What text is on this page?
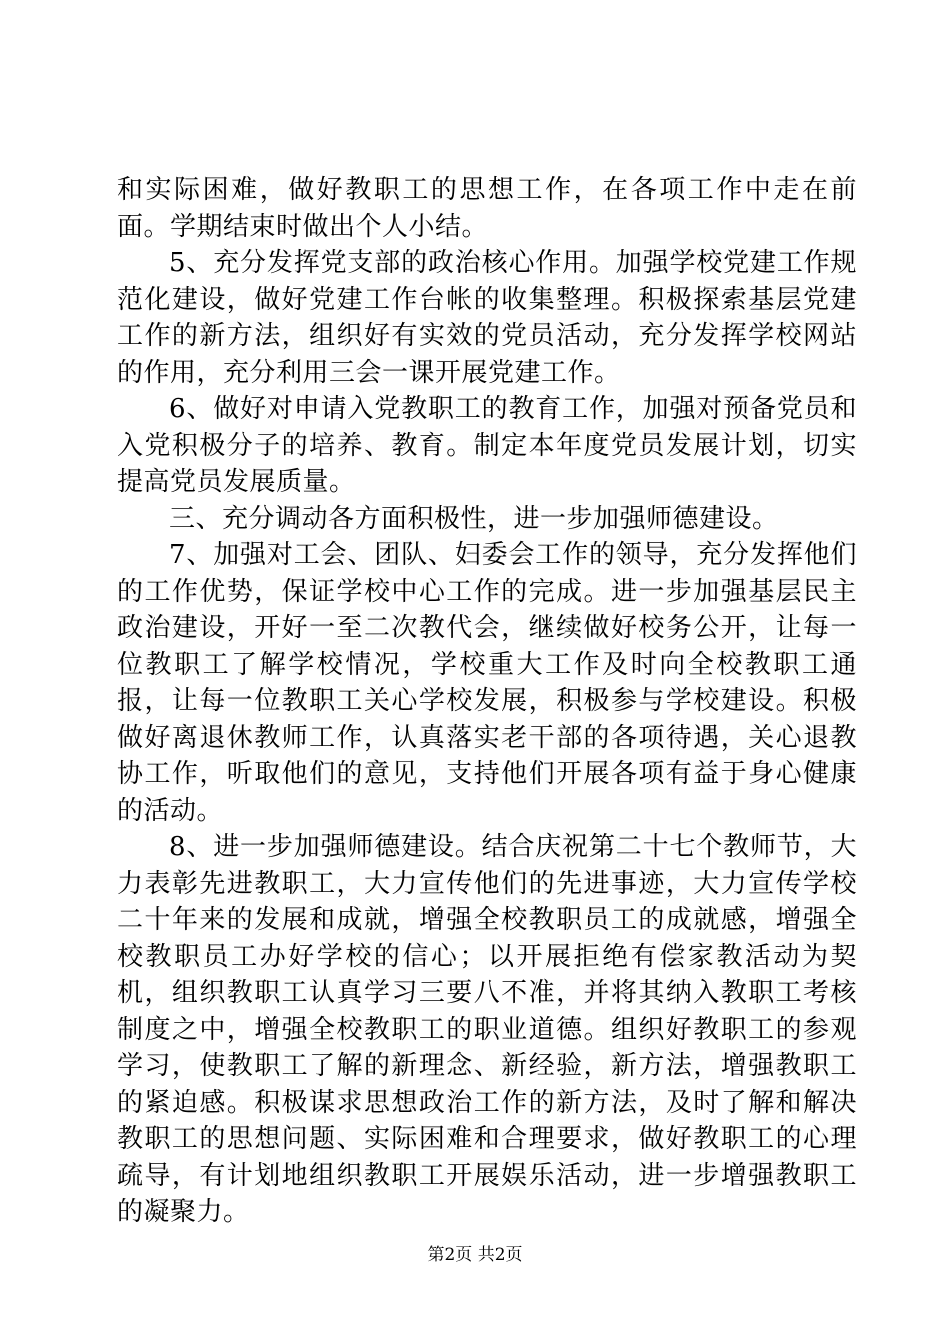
和实际困难，做好教职工的思想工作，在各项工作中走在前面。学期结束时做出个人小结。

5、充分发挥党支部的政治核心作用。加强学校党建工作规范化建设，做好党建工作台帐的收集整理。积极探索基层党建工作的新方法，组织好有实效的党员活动，充分发挥学校网站的作用，充分利用三会一课开展党建工作。

6、做好对申请入党教职工的教育工作，加强对预备党员和入党积极分子的培养、教育。制定本年度党员发展计划，切实提高党员发展质量。

三、充分调动各方面积极性，进一步加强师德建设。

7、加强对工会、团队、妇委会工作的领导，充分发挥他们的工作优势，保证学校中心工作的完成。进一步加强基层民主政治建设，开好一至二次教代会，继续做好校务公开，让每一位教职工了解学校情况，学校重大工作及时向全校教职工通报，让每一位教职工关心学校发展，积极参与学校建设。积极做好离退休教师工作，认真落实老干部的各项待遇，关心退教协工作，听取他们的意见，支持他们开展各项有益于身心健康的活动。

8、进一步加强师德建设。结合庆祝第二十七个教师节，大力表彰先进教职工，大力宣传他们的先进事迹，大力宣传学校二十年来的发展和成就，增强全校教职员工的成就感，增强全校教职员工办好学校的信心；以开展拒绝有偿家教活动为契机，组织教职工认真学习三要八不准，并将其纳入教职工考核制度之中，增强全校教职工的职业道德。组织好教职工的参观学习，使教职工了解的新理念、新经验，新方法，增强教职工的紧迫感。积极谋求思想政治工作的新方法，及时了解和解决教职工的思想问题、实际困难和合理要求，做好教职工的心理疏导，有计划地组织教职工开展娱乐活动，进一步增强教职工的凝聚力。

第2页 共2页
